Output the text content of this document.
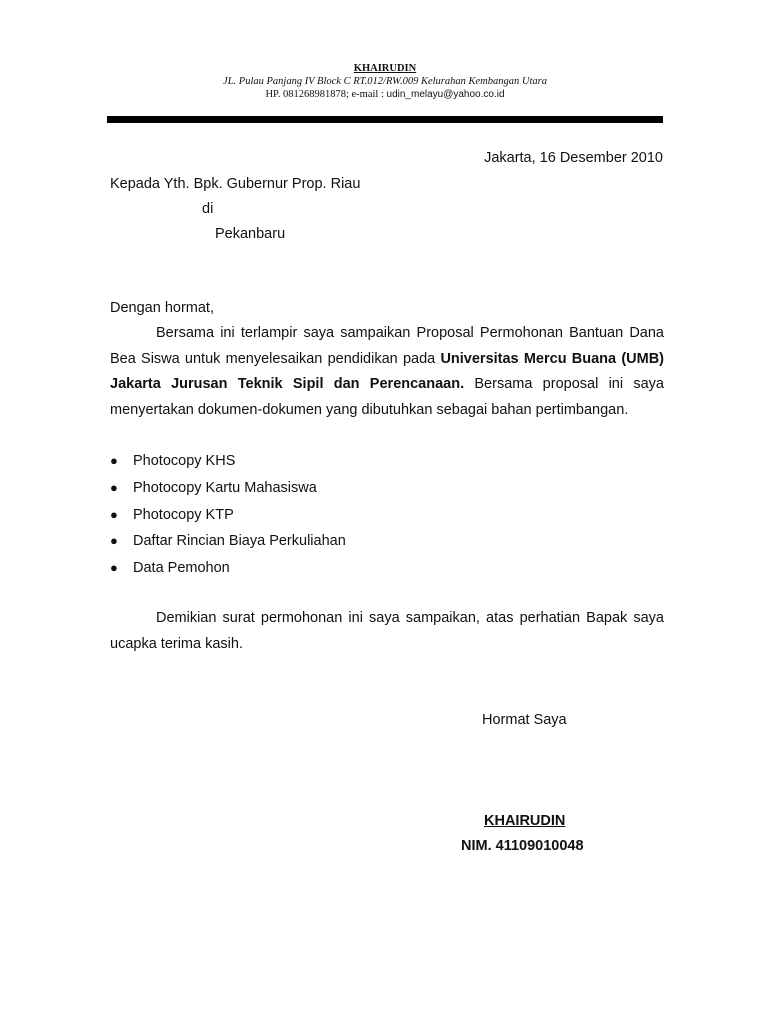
KHAIRUDIN
JL. Pulau Panjang IV Block C RT.012/RW.009 Kelurahan Kembangan Utara
HP. 081268981878; e-mail : udin_melayu@yahoo.co.id
Jakarta, 16 Desember 2010
Kepada Yth. Bpk. Gubernur Prop. Riau
di
Pekanbaru
Dengan hormat,
Bersama ini terlampir saya sampaikan Proposal Permohonan Bantuan Dana Bea Siswa untuk menyelesaikan pendidikan pada Universitas Mercu Buana (UMB) Jakarta Jurusan Teknik Sipil dan Perencanaan. Bersama proposal ini saya menyertakan dokumen-dokumen yang dibutuhkan sebagai bahan pertimbangan.
● Photocopy KHS
● Photocopy Kartu Mahasiswa
● Photocopy KTP
● Daftar Rincian Biaya Perkuliahan
● Data Pemohon
Demikian surat permohonan ini saya sampaikan, atas perhatian Bapak saya ucapka terima kasih.
Hormat Saya
KHAIRUDIN
NIM. 41109010048
